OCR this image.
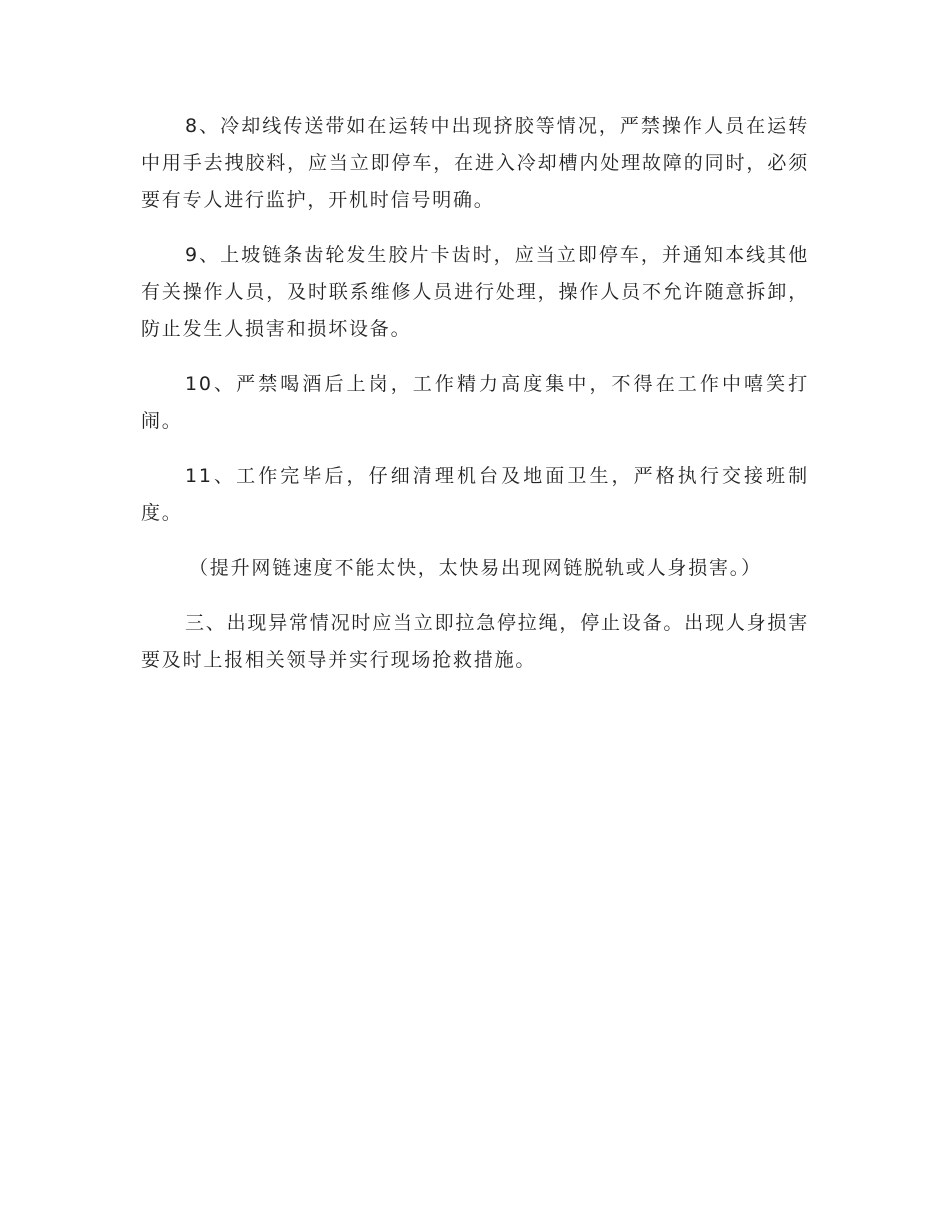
8、冷却线传送带如在运转中出现挤胶等情况，严禁操作人员在运转中用手去拽胶料，应当立即停车，在进入冷却槽内处理故障的同时，必须要有专人进行监护，开机时信号明确。

9、上坡链条齿轮发生胶片卡齿时，应当立即停车，并通知本线其他有关操作人员，及时联系维修人员进行处理，操作人员不允许随意拆卸，防止发生人损害和损坏设备。

10、严禁喝酒后上岗，工作精力高度集中，不得在工作中嘻笑打闹。

11、工作完毕后，仔细清理机台及地面卫生，严格执行交接班制度。

（提升网链速度不能太快，太快易出现网链脱轨或人身损害。）

三、出现异常情况时应当立即拉急停拉绳，停止设备。出现人身损害要及时上报相关领导并实行现场抢救措施。
